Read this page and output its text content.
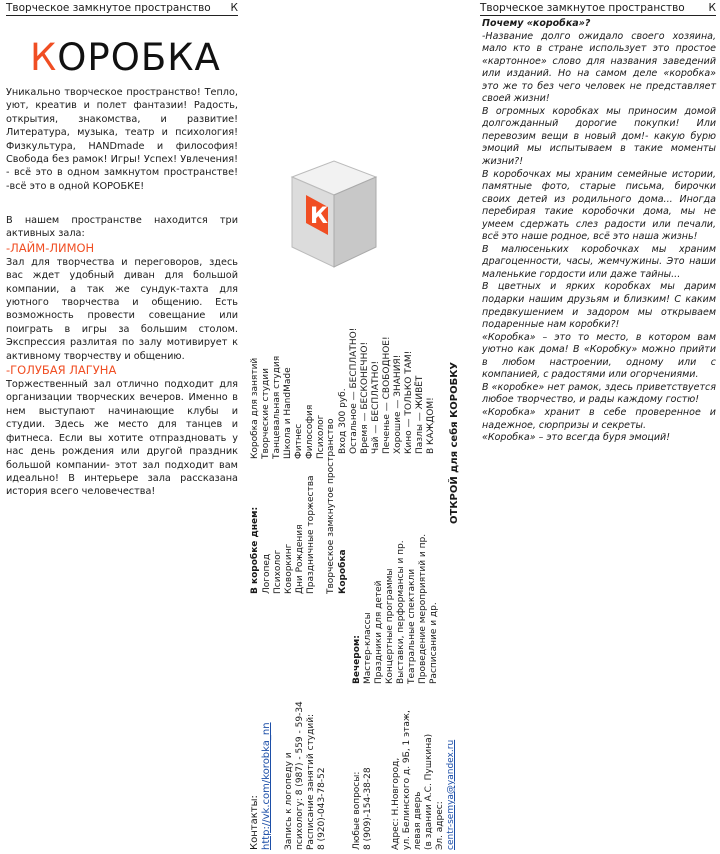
Творческое замкнутое пространство К
КОРОБКА

Уникально творческое пространство! Тепло, уют, креатив и полет фантазии! Радость, открытия, знакомства, и развитие! Литература, музыка, театр и психология! Физкультура, HANDmade и философия! Свобода без рамок! Игры! Успех! Увлечения! - всё это в одном замкнутом пространстве! -всё это в одной КОРОБКЕ!

В нашем пространстве находится три активных зала:

-ЛАЙМ-ЛИМОН

Зал для творчества и переговоров, здесь вас ждет удобный диван для большой компании, а так же сундук-тахта для уютного творчества и общению. Есть возможность провести совещание или поиграть в игры за большим столом. Экспрессия разлитая по залу мотивирует к активному творчеству и общению.

-ГОЛУБАЯ ЛАГУНА

Торжественный зал отлично подходит для организации творческих вечеров. Именно в нем выступают начинающие клубы и студии. Здесь же место для танцев и фитнеса. Если вы хотите отпраздновать у нас день рождения или другой праздник большой компании- этот зал подходит вам идеально! В интерьере зала рассказана история всего человечества!

Контакты: http://vk.com/korobka_nn Запись к логопеду и психологу: 8 (987) - 559 - 59-34 Расписание занятий студий: 8 (920)-043-78-52	Любые вопросы: 8 (909)-154-38-28 Адрес: Н.Новгород, ул. Белинского д. 9Б, 1 этаж, левая дверь (в здании А.С. Пушкина) Эл. адрес: centr-semya@yandex.ru
В коробке днем: Логопед Психолог Коворкинг Дни Рождения Праздничные торжества
Вечером: Мастер-классы Праздники для детей Концертные программы Выставки, перформансы и пр. Театральные спектакли Проведение мероприятий и пр. Расписание и др.
Творческое замкнутое пространство Коробка
Коробка для занятий Творческие студии Танцевальная студия Школа и HandMade Фитнес Философия Психолог Вход 300 руб. Остальное — БЕСПЛАТНО! Время — БЕСКОНЕЧНО! Чай — БЕСПЛАТНО! Печенье — СВОБОДНОЕ! Хорошие — ЗНАНИЯ! Кино — ТОЛЬКО ТАМ! Пазлы — ЖИВЁТ В КАЖДОМ! ОТКРОЙ для себя КОРОБКУ
К
Творческое замкнутое пространство К

Почему «коробка»?

-Название долго ожидало своего хозяина, мало кто в стране использует это простое «картонное» слово для названия заведений или изданий. Но на самом деле «коробка» это же то без чего человек не представляет своей жизни!

В огромных коробках мы приносим домой долгожданный дорогие покупки! Или перевозим вещи в новый дом!- какую бурю эмоций мы испытываем в такие моменты жизни?!

В коробочках мы храним семейные истории, памятные фото, старые письма, бирочки своих детей из родильного дома... Иногда перебирая такие коробочки дома, мы не умеем сдержать слез радости или печали, всё это наше родное, всё это наша жизнь!

В малюсеньких коробочках мы храним драгоценности, часы, жемчужины. Это наши маленькие гордости или даже тайны...

В цветных и ярких коробках мы дарим подарки нашим друзьям и близким! С каким предвкушением и задором мы открываем подаренные нам коробки?!

«Коробка» – это то место, в котором вам уютно как дома! В «Коробку» можно прийти в любом настроении, одному или с компанией, с радостями или огорчениями.

В «коробке» нет рамок, здесь приветствуется любое творчество, и рады каждому гостю!

«Коробка» хранит в себе проверенное и надежное, сюрпризы и секреты.

«Коробка» – это всегда буря эмоций!
